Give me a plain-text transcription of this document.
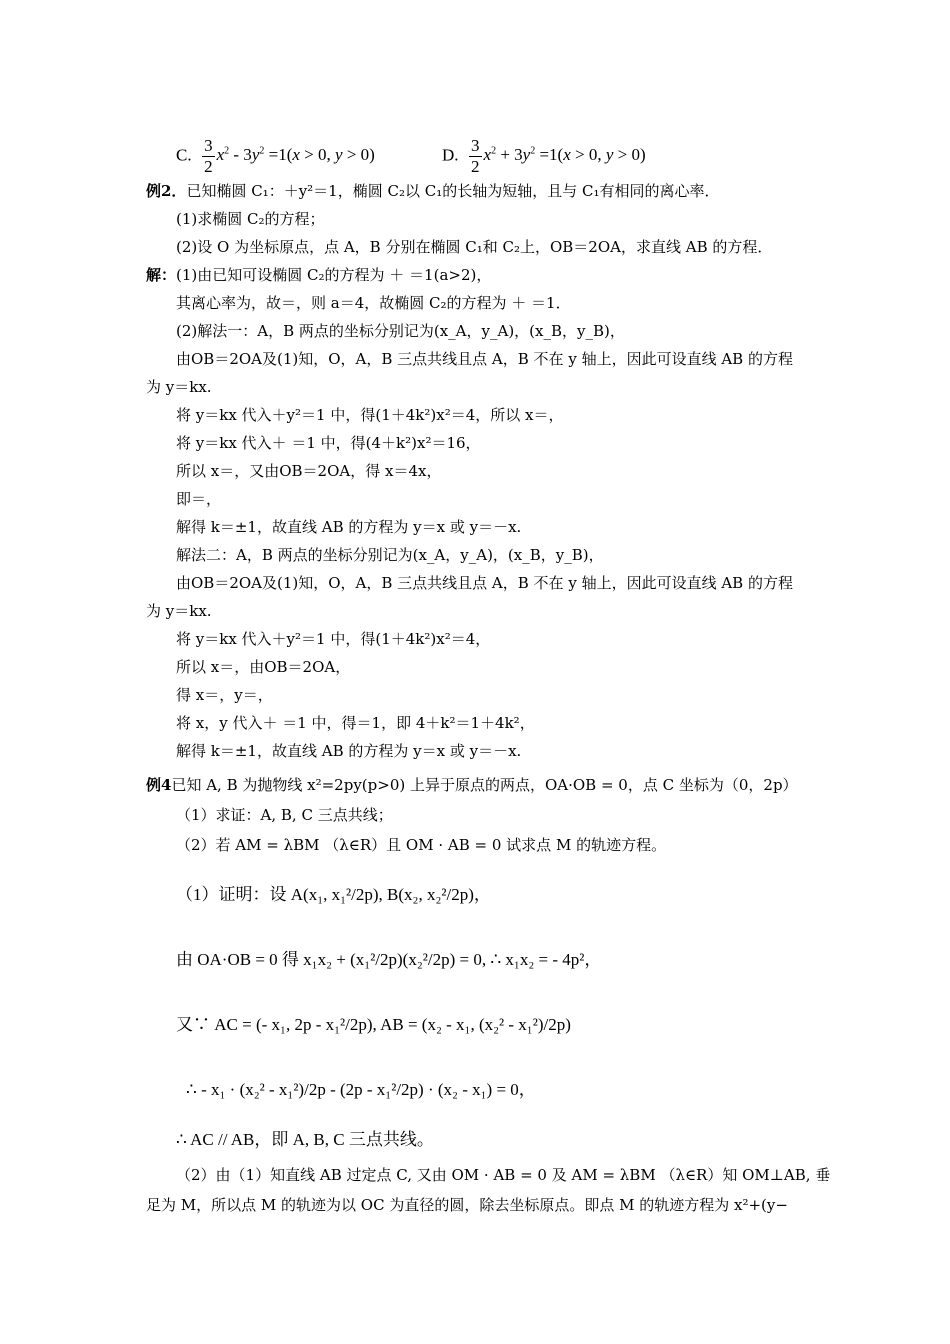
C. $\frac{3}{2} x^2 - 3y^2 =1(x > 0$, y > 0)	D. $\frac{3}{2} x^2 + 3y^2 =1(x > 0$, y > 0)
例2．已知椭圆 C₁：＋y²＝1，椭圆 C₂以 C₁的长轴为短轴，且与 C₁有相同的离心率．
(1)求椭圆 C₂的方程；
(2)设 O 为坐标原点，点 A，B 分别在椭圆 C₁和 C₂上，OB＝2OA，求直线 AB 的方程．
解：(1)由已知可设椭圆 C₂的方程为 ＋ ＝1(a>2)，
其离心率为，故＝，则 a＝4，故椭圆 C₂的方程为 ＋ ＝1．
(2)解法一：A，B 两点的坐标分别记为(x_A，y_A)，(x_B，y_B)，
由OB＝2OA及(1)知，O，A，B 三点共线且点 A，B 不在 y 轴上，因此可设直线 AB 的方程
为 y＝kx.
将 y＝kx 代入＋y²＝1 中，得(1＋4k²)x²＝4，所以 x＝，
将 y＝kx 代入＋ ＝1 中，得(4＋k²)x²＝16，
所以 x＝，又由OB＝2OA，得 x＝4x，
即＝，
解得 k＝±1，故直线 AB 的方程为 y＝x 或 y＝－x.
解法二：A，B 两点的坐标分别记为(x_A，y_A)，(x_B，y_B)，
由OB＝2OA及(1)知，O，A，B 三点共线且点 A，B 不在 y 轴上，因此可设直线 AB 的方程
为 y＝kx.
将 y＝kx 代入＋y²＝1 中，得(1＋4k²)x²＝4，
所以 x＝，由OB＝2OA，
得 x＝，y＝，
将 x，y 代入＋ ＝1 中，得＝1，即 4＋k²＝1＋4k²，
解得 k＝±1，故直线 AB 的方程为 y＝x 或 y＝－x.
例4已知 A, B 为抛物线 x²=2py(p>0) 上异于原点的两点，OA·OB = 0，点 C 坐标为（0，2p）
（1）求证：A, B, C 三点共线；
（2）若 AM = λBM （λ∈R）且 OM · AB = 0 试求点 M 的轨迹方程。
（1）证明：设 A(x₁, x₁²/2p), B(x₂, x₂²/2p)，
由 OA·OB = 0 得 x₁x₂ + (x₁²/2p)(x₂²/2p) = 0, ∴ x₁x₂ = - 4p²，
又∵ AC = (- x₁, 2p - x₁²/2p), AB = (x₂ - x₁, (x₂² - x₁²)/2p)
∴ - x₁ · (x₂² - x₁²)/2p - (2p - x₁²/2p) · (x₂ - x₁) = 0，
∴ AC // AB，即 A, B, C 三点共线。
（2）由（1）知直线 AB 过定点 C, 又由 OM · AB = 0 及 AM = λBM （λ∈R）知 OM⊥AB, 垂
足为 M，所以点 M 的轨迹为以 OC 为直径的圆，除去坐标原点。即点 M 的轨迹方程为 x²+(y−
